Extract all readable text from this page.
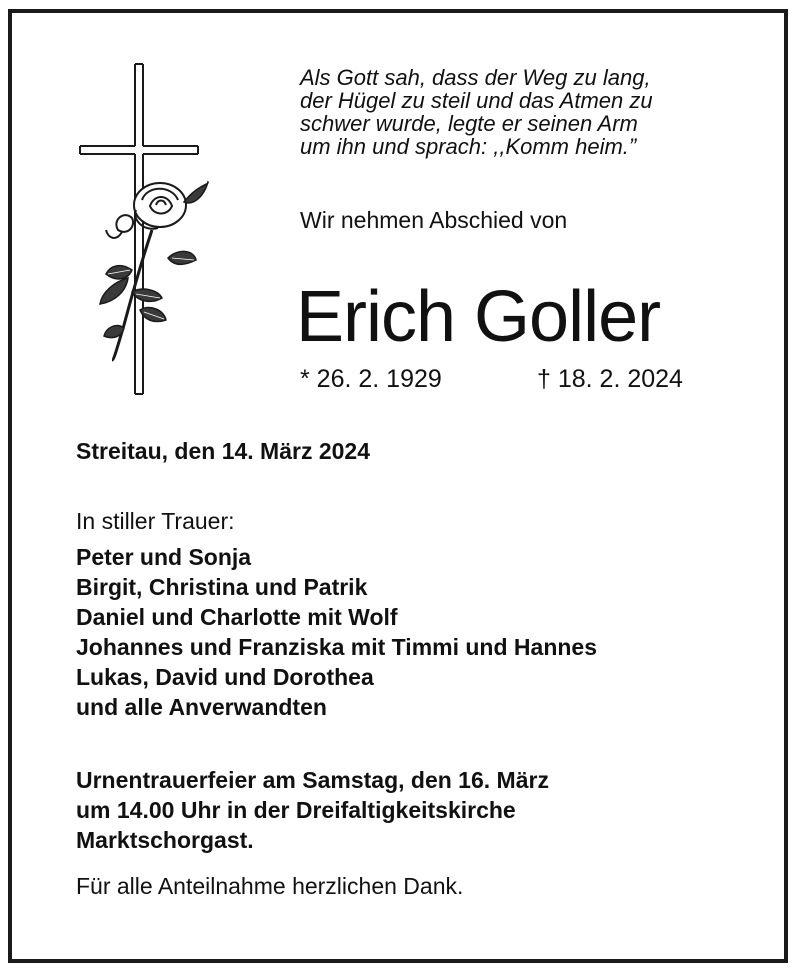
Als Gott sah, dass der Weg zu lang,
der Hügel zu steil und das Atmen zu
schwer wurde, legte er seinen Arm
um ihn und sprach: ,,Komm heim.”
Wir nehmen Abschied von
Erich Goller
* 26. 2. 1929	† 18. 2. 2024
Streitau, den 14. März 2024
In stiller Trauer:
Peter und Sonja
Birgit, Christina und Patrik
Daniel und Charlotte mit Wolf
Johannes und Franziska mit Timmi und Hannes
Lukas, David und Dorothea
und alle Anverwandten
Urnentrauerfeier am Samstag, den 16. März
um 14.00 Uhr in der Dreifaltigkeitskirche
Marktschorgast.
Für alle Anteilnahme herzlichen Dank.
